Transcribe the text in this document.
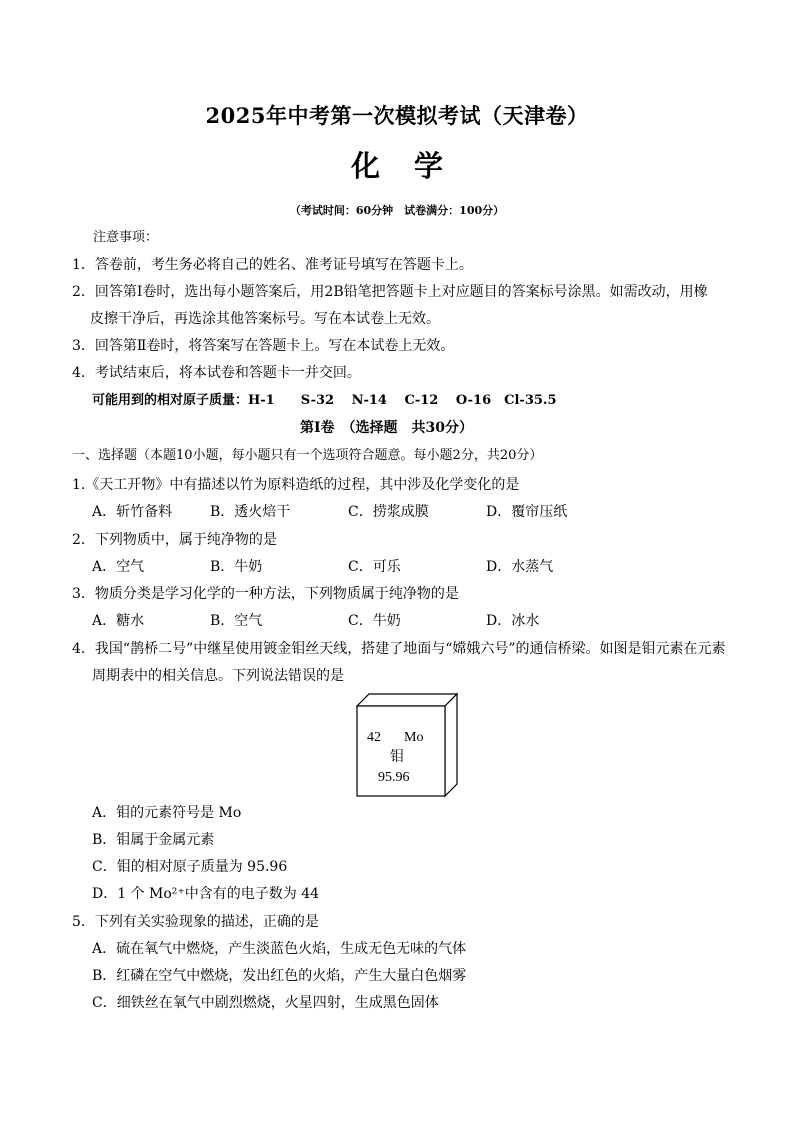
2025年中考第一次模拟考试（天津卷）
化学
（考试时间：60分钟　试卷满分：100分）
注意事项：
1．答卷前，考生务必将自己的姓名、准考证号填写在答题卡上。
2．回答第Ⅰ卷时，选出每小题答案后，用2B铅笔把答题卡上对应题目的答案标号涂黑。如需改动，用橡
皮擦干净后，再选涂其他答案标号。写在本试卷上无效。
3．回答第Ⅱ卷时，将答案写在答题卡上。写在本试卷上无效。
4．考试结束后，将本试卷和答题卡一并交回。
可能用到的相对原子质量：H-1　　S-32　 N-14　 C-12　 O-16　Cl-35.5
第Ⅰ卷　（选择题　共30分）
一、选择题（本题10小题，每小题只有一个选项符合题意。每小题2分，共20分）
1.《天工开物》中有描述以竹为原料造纸的过程，其中涉及化学变化的是
A．斩竹备料	B．透火焙干	C．捞浆成膜	D．覆帘压纸
2．下列物质中，属于纯净物的是
A．空气	B．牛奶	C．可乐	D．水蒸气
3．物质分类是学习化学的一种方法，下列物质属于纯净物的是
A．糖水	B．空气	C．牛奶	D．冰水
4．我国“鹊桥二号”中继星使用镀金钼丝天线，搭建了地面与“嫦娥六号”的通信桥梁。如图是钼元素在元素
周期表中的相关信息。下列说法错误的是
42 Mo
钼
95.96
A．钼的元素符号是 Mo
B．钼属于金属元素
C．钼的相对原子质量为 95.96
D．1 个 Mo²⁺中含有的电子数为 44
5．下列有关实验现象的描述，正确的是
A．硫在氧气中燃烧，产生淡蓝色火焰，生成无色无味的气体
B．红磷在空气中燃烧，发出红色的火焰，产生大量白色烟雾
C．细铁丝在氧气中剧烈燃烧，火星四射，生成黑色固体
